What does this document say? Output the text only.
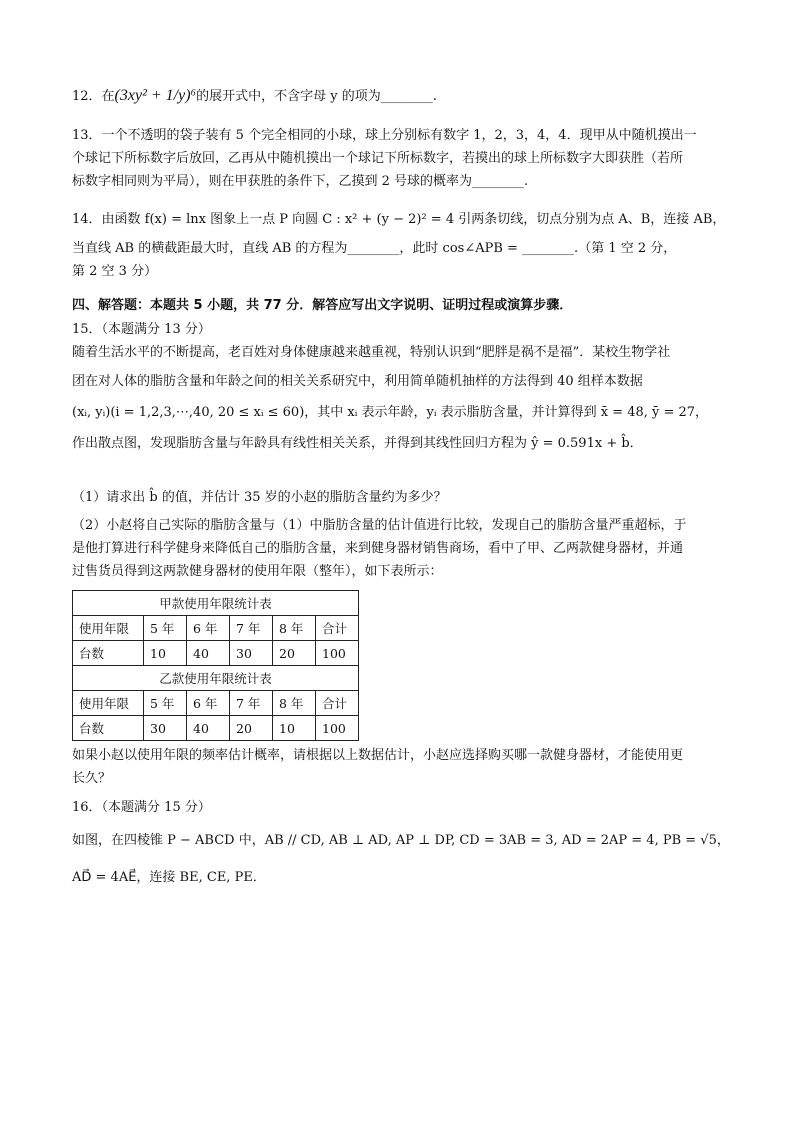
12．在(3xy² + 1/y)⁶的展开式中，不含字母 y 的项为________.
13．一个不透明的袋子装有 5 个完全相同的小球，球上分别标有数字 1，2，3，4，4．现甲从中随机摸出一
个球记下所标数字后放回，乙再从中随机摸出一个球记下所标数字，若摸出的球上所标数字大即获胜（若所
标数字相同则为平局），则在甲获胜的条件下，乙摸到 2 号球的概率为________.
14．由函数 f(x) = lnx 图象上一点 P 向圆 C : x² + (y − 2)² = 4 引两条切线，切点分别为点 A、B，连接 AB，
当直线 AB 的横截距最大时，直线 AB 的方程为________，此时 cos∠APB = ________.（第 1 空 2 分，
第 2 空 3 分）
四、解答题：本题共 5 小题，共 77 分．解答应写出文字说明、证明过程或演算步骤．
15．（本题满分 13 分）
随着生活水平的不断提高，老百姓对身体健康越来越重视，特别认识到“肥胖是祸不是福”．某校生物学社
团在对人体的脂肪含量和年龄之间的相关关系研究中，利用简单随机抽样的方法得到 40 组样本数据
(xᵢ, yᵢ)(i = 1,2,3,⋯,40, 20 ≤ xᵢ ≤ 60)，其中 xᵢ 表示年龄，yᵢ 表示脂肪含量，并计算得到 x̄ = 48, ȳ = 27，
作出散点图，发现脂肪含量与年龄具有线性相关关系，并得到其线性回归方程为 ŷ = 0.591x + b̂．
（1）请求出 b̂ 的值，并估计 35 岁的小赵的脂肪含量约为多少？
（2）小赵将自己实际的脂肪含量与（1）中脂肪含量的估计值进行比较，发现自己的脂肪含量严重超标，于
是他打算进行科学健身来降低自己的脂肪含量，来到健身器材销售商场，看中了甲、乙两款健身器材，并通
过售货员得到这两款健身器材的使用年限（整年），如下表所示：
甲款使用年限统计表					
使用年限	5 年	6 年	7 年	8 年	合计
台数	10	40	30	20	100
乙款使用年限统计表					
使用年限	5 年	6 年	7 年	8 年	合计
台数	30	40	20	10	100
如果小赵以使用年限的频率估计概率，请根据以上数据估计，小赵应选择购买哪一款健身器材，才能使用更
长久？
16．（本题满分 15 分）
如图，在四棱锥 P − ABCD 中，AB // CD, AB ⊥ AD, AP ⊥ DP, CD = 3AB = 3, AD = 2AP = 4, PB = √5，
AD⃗ = 4AE⃗，连接 BE, CE, PE．
